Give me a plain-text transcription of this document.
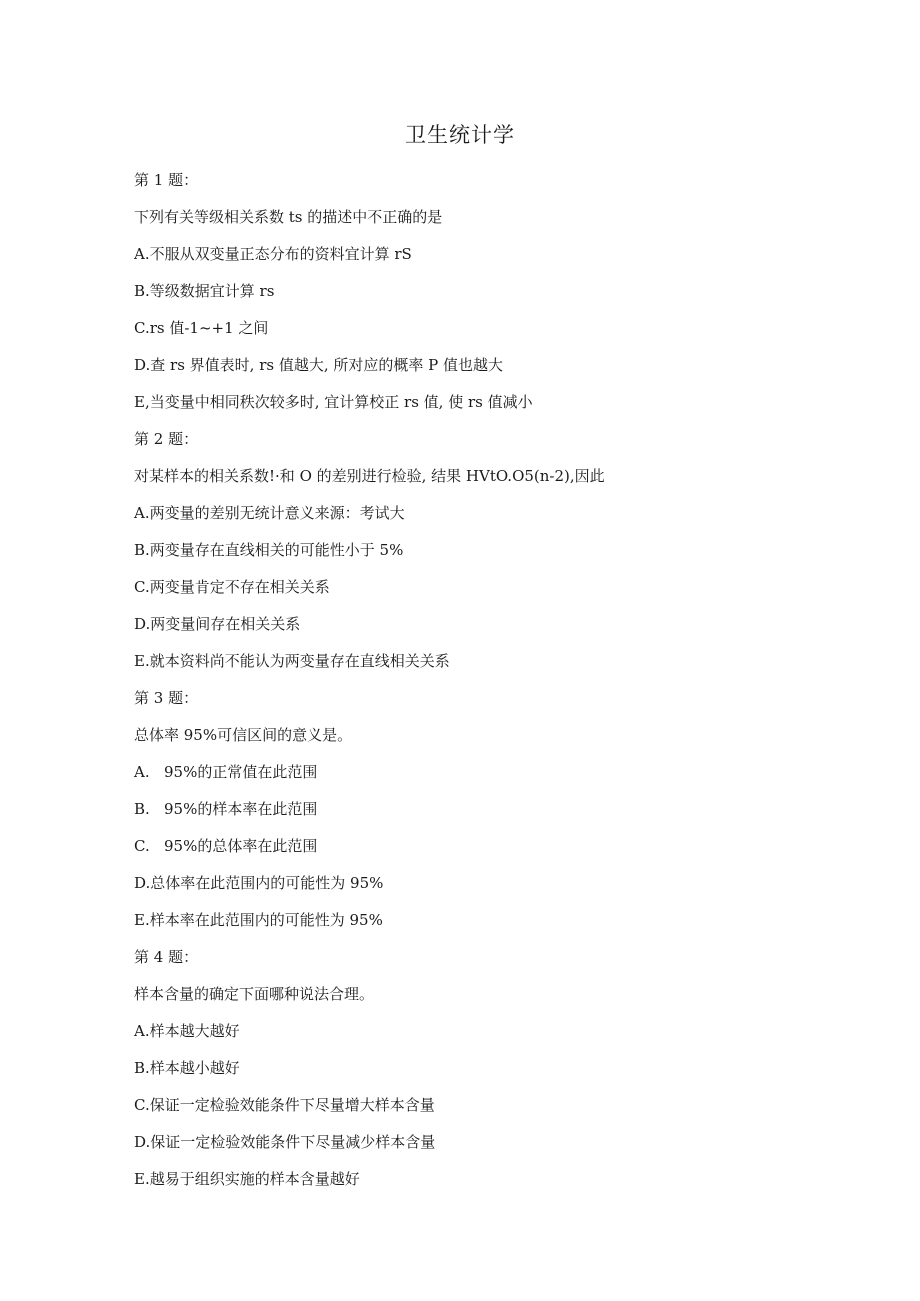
卫生统计学
第 1 题：
下列有关等级相关系数 ts 的描述中不正确的是
A.不服从双变量正态分布的资料宜计算 rS
B.等级数据宜计算 rs
C.rs 值-1~+1 之间
D.查 rs 界值表时, rs 值越大, 所对应的概率 P 值也越大
E,当变量中相同秩次较多时, 宜计算校正 rs 值, 使 rs 值减小
第 2 题：
对某样本的相关系数!·和 O 的差别进行检验, 结果 HVtO.O5(n-2),因此
A.两变量的差别无统计意义来源：考试大
B.两变量存在直线相关的可能性小于 5%
C.两变量肯定不存在相关关系
D.两变量间存在相关关系
E.就本资料尚不能认为两变量存在直线相关关系
第 3 题：
总体率 95%可信区间的意义是。
A. 95%的正常值在此范围
B. 95%的样本率在此范围
C. 95%的总体率在此范围
D.总体率在此范围内的可能性为 95%
E.样本率在此范围内的可能性为 95%
第 4 题：
样本含量的确定下面哪种说法合理。
A.样本越大越好
B.样本越小越好
C.保证一定检验效能条件下尽量增大样本含量
D.保证一定检验效能条件下尽量减少样本含量
E.越易于组织实施的样本含量越好
